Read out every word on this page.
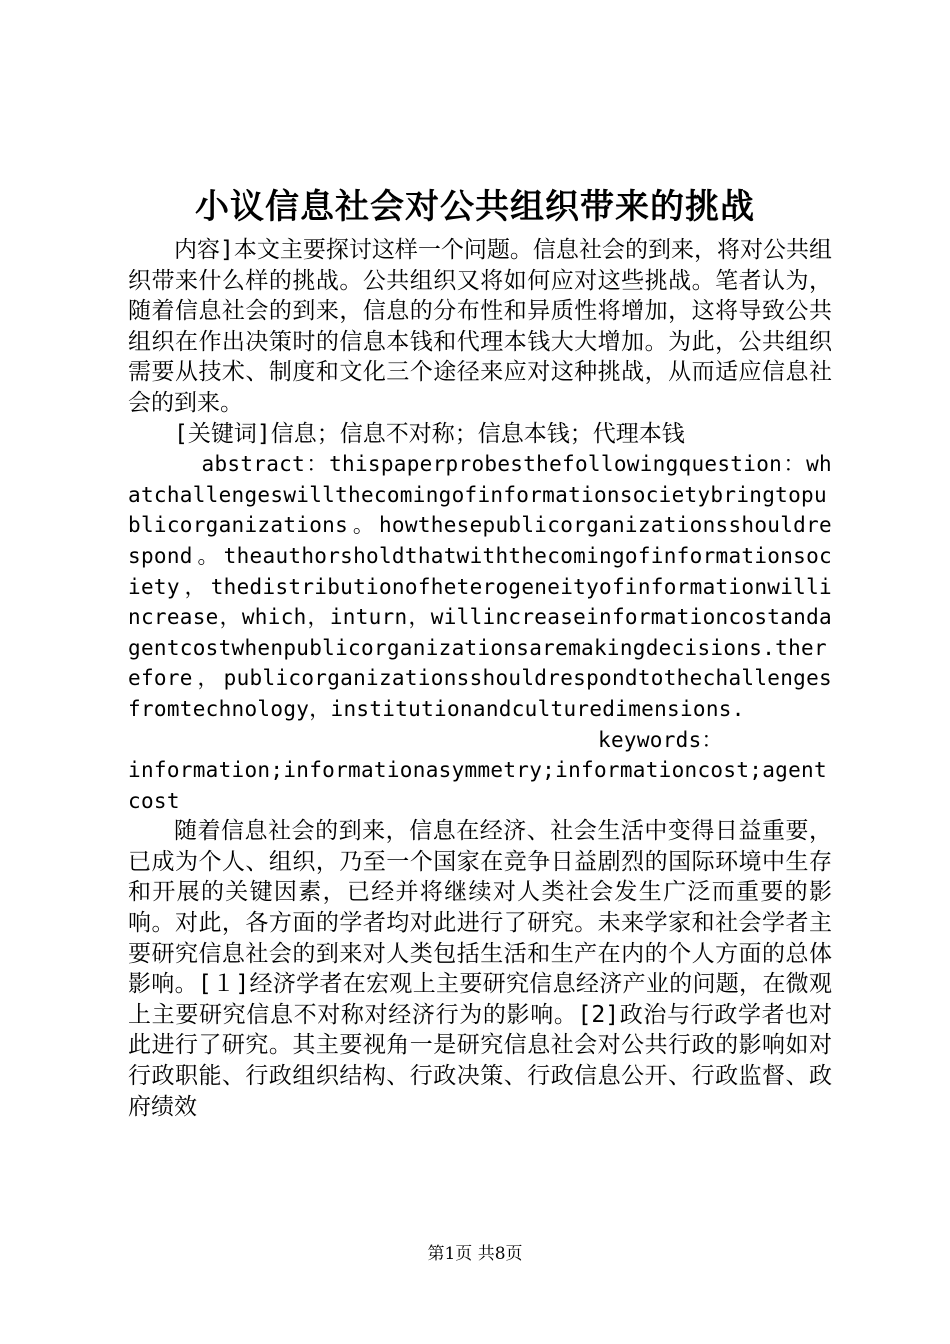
小议信息社会对公共组织带来的挑战

内容]本文主要探讨这样一个问题。信息社会的到来，将对公共组织带来什么样的挑战。公共组织又将如何应对这些挑战。笔者认为，随着信息社会的到来，信息的分布性和异质性将增加，这将导致公共组织在作出决策时的信息本钱和代理本钱大大增加。为此，公共组织需要从技术、制度和文化三个途径来应对这种挑战，从而适应信息社会的到来。

[关键词]信息；信息不对称；信息本钱；代理本钱

abstract：thispaperprobesthefollowingquestion：whatchallengeswillthecomingofinformationsocietybringtopublicorganizations。howthesepublicorganizationsshouldrespond。theauthorsholdthatwiththecomingofinformationsociety，thedistributionofheterogeneityofinformationwillincrease，which，inturn，willincreaseinformationcostandagentcostwhenpublicorganizationsaremakingdecisions.therefore，publicorganizationsshouldrespondtothechallengesfromtechnology，institutionandculturedimensions.

keywords：
information;informationasymmetry;informationcost;agentcost

随着信息社会的到来，信息在经济、社会生活中变得日益重要，已成为个人、组织，乃至一个国家在竞争日益剧烈的国际环境中生存和开展的关键因素，已经并将继续对人类社会发生广泛而重要的影响。对此，各方面的学者均对此进行了研究。未来学家和社会学者主要研究信息社会的到来对人类包括生活和生产在内的个人方面的总体影响。[１]经济学者在宏观上主要研究信息经济产业的问题，在微观上主要研究信息不对称对经济行为的影响。[2]政治与行政学者也对此进行了研究。其主要视角一是研究信息社会对公共行政的影响如对行政职能、行政组织结构、行政决策、行政信息公开、行政监督、政府绩效

第1页 共8页
